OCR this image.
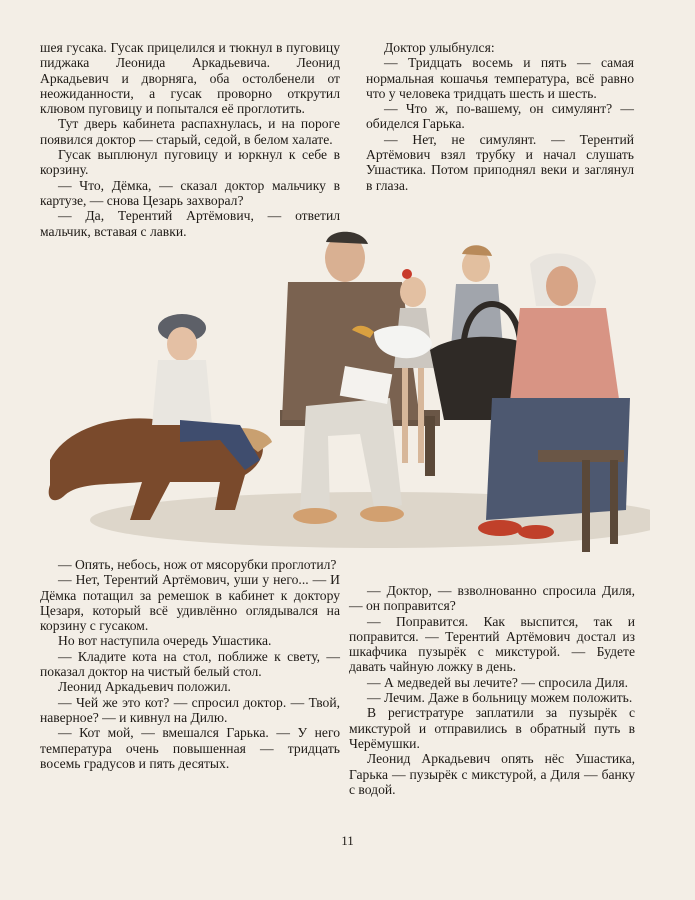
шея гусака. Гусак прицелился и тюкнул в пуговицу пиджака Леонида Аркадьевича. Леонид Аркадьевич и дворняга, оба остолбенели от неожиданности, а гусак проворно открутил клювом пуговицу и попытался её проглотить.

Тут дверь кабинета распахнулась, и на пороге появился доктор — старый, седой, в белом халате.

Гусак выплюнул пуговицу и юркнул к себе в корзину.

— Что, Дёмка, — сказал доктор мальчику в картузе, — снова Цезарь захворал?

— Да, Терентий Артёмович, — ответил мальчик, вставая с лавки.

Доктор улыбнулся:

— Тридцать восемь и пять — самая нормальная кошачья температура, всё равно что у человека тридцать шесть и шесть.

— Что ж, по-вашему, он симулянт? — обиделся Гарька.

— Нет, не симулянт. — Терентий Артёмович взял трубку и начал слушать Ушастика. Потом приподнял веки и заглянул в глаза.

— Опять, небось, нож от мясорубки проглотил?

— Нет, Терентий Артёмович, уши у него... — И Дёмка потащил за ремешок в кабинет к доктору Цезаря, который всё удивлённо оглядывался на корзину с гусаком.

Но вот наступила очередь Ушастика.

— Кладите кота на стол, поближе к свету, — показал доктор на чистый белый стол.

Леонид Аркадьевич положил.

— Чей же это кот? — спросил доктор. — Твой, наверное? — и кивнул на Дилю.

— Кот мой, — вмешался Гарька. — У него температура очень повышенная — тридцать восемь градусов и пять десятых.

— Доктор, — взволнованно спросила Диля, — он поправится?

— Поправится. Как выспится, так и поправится. — Терентий Артёмович достал из шкафчика пузырёк с микстурой. — Будете давать чайную ложку в день.

— А медведей вы лечите? — спросила Диля.

— Лечим. Даже в больницу можем положить.

В регистратуре заплатили за пузырёк с микстурой и отправились в обратный путь в Черёмушки.

Леонид Аркадьевич опять нёс Ушастика, Гарька — пузырёк с микстурой, а Диля — банку с водой.

11
